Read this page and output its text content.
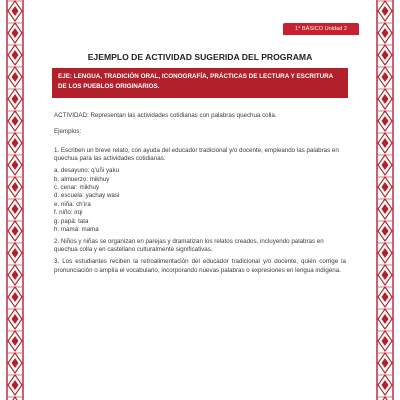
1° BÁSICO Unidad 2
EJEMPLO DE ACTIVIDAD SUGERIDA DEL PROGRAMA
EJE: LENGUA, TRADICIÓN ORAL, ICONOGRAFÍA, PRÁCTICAS DE LECTURA Y ESCRITURA DE LOS PUEBLOS ORIGINARIOS.

ACTIVIDAD: Representan las actividades cotidianas con palabras quechua colla.

Ejemplos:

1. Escriben un breve relato, con ayuda del educador tradicional y/o docente, empleando las palabras en quechua para las actividades cotidianas:

a. desayuno: q’uñi yaku

b. almuerzo: mikhuy

c. cenar: mikhuy

d. escuela: yachay wasi

e. niña: ch’ira

f. niño: irqi

g. papá: tata

h. mamá: mama

2. Niños y niñas se organizan en parejas y dramatizan los relatos creados, incluyendo palabras en quechua colla y en castellano culturalmente significativas.

3. Los estudiantes reciben la retroalimentación del educador tradicional y/o docente, quién corrige la pronunciación o amplía el vocabulario, incorporando nuevas palabras o expresiones en lengua indígena.
